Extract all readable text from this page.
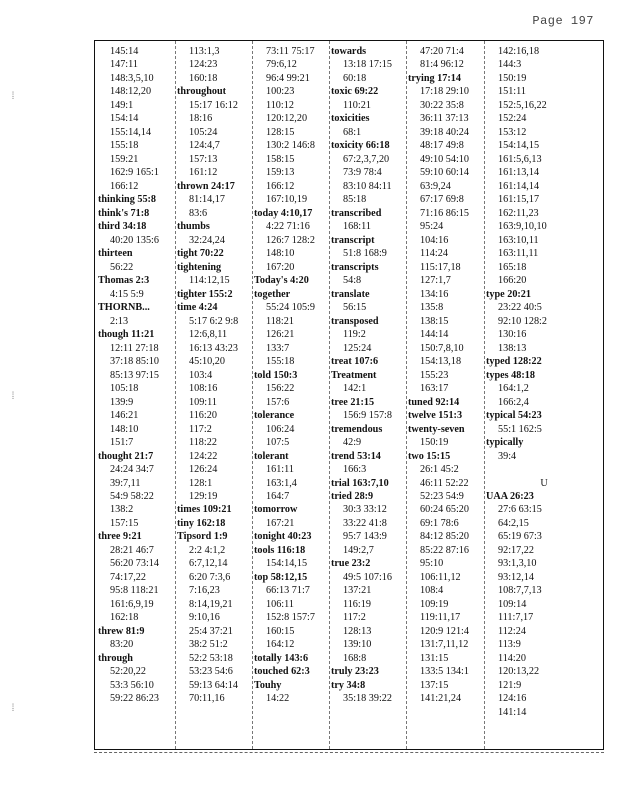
Page 197
⁞
⁞
⁞
145:14
147:11
148:3,5,10
148:12,20
149:1
154:14
155:14,14
155:18
159:21
162:9 165:1
166:12
thinking 55:8
think's 71:8
third 34:18
40:20 135:6
thirteen
56:22
Thomas 2:3
4:15 5:9
THORNB...
2:13
though 11:21
12:11 27:18
37:18 85:10
85:13 97:15
105:18
139:9
146:21
148:10
151:7
thought 21:7
24:24 34:7
39:7,11
54:9 58:22
138:2
157:15
three 9:21
28:21 46:7
56:20 73:14
74:17,22
95:8 118:21
161:6,9,19
162:18
threw 81:9
83:20
through
52:20,22
53:3 56:10
59:22 86:23
113:1,3
124:23
160:18
throughout
15:17 16:12
18:16
105:24
124:4,7
157:13
161:12
thrown 24:17
81:14,17
83:6
thumbs
32:24,24
tight 70:22
tightening
114:12,15
tighter 155:2
time 4:24
5:17 6:2 9:8
12:6,8,11
16:13 43:23
45:10,20
103:4
108:16
109:11
116:20
117:2
118:22
124:22
126:24
128:1
129:19
times 109:21
tiny 162:18
Tipsord 1:9
2:2 4:1,2
6:7,12,14
6:20 7:3,6
7:16,23
8:14,19,21
9:10,16
25:4 37:21
38:2 51:2
52:2 53:18
53:23 54:6
59:13 64:14
70:11,16
73:11 75:17
79:6,12
96:4 99:21
100:23
110:12
120:12,20
128:15
130:2 146:8
158:15
159:13
166:12
167:10,19
today 4:10,17
4:22 71:16
126:7 128:2
148:10
167:20
Today's 4:20
together
55:24 105:9
118:21
126:21
133:7
155:18
told 150:3
156:22
157:6
tolerance
106:24
107:5
tolerant
161:11
163:1,4
164:7
tomorrow
167:21
tonight 40:23
tools 116:18
154:14,15
top 58:12,15
66:13 71:7
106:11
152:8 157:7
160:15
164:12
totally 143:6
touched 62:3
Touhy
14:22
towards
13:18 17:15
60:18
toxic 69:22
110:21
toxicities
68:1
toxicity 66:18
67:2,3,7,20
73:9 78:4
83:10 84:11
85:18
transcribed
168:11
transcript
51:8 168:9
transcripts
54:8
translate
56:15
transposed
119:2
125:24
treat 107:6
Treatment
142:1
tree 21:15
156:9 157:8
tremendous
42:9
trend 53:14
166:3
trial 163:7,10
tried 28:9
30:3 33:12
33:22 41:8
95:7 143:9
149:2,7
true 23:2
49:5 107:16
137:21
116:19
117:2
128:13
139:10
168:8
truly 23:23
try 34:8
35:18 39:22
47:20 71:4
81:4 96:12
trying 17:14
17:18 29:10
30:22 35:8
36:11 37:13
39:18 40:24
48:17 49:8
49:10 54:10
59:10 60:14
63:9,24
67:17 69:8
71:16 86:15
95:24
104:16
114:24
115:17,18
127:1,7
134:16
135:8
138:15
144:14
150:7,8,10
154:13,18
155:23
163:17
tuned 92:14
twelve 151:3
twenty-seven
150:19
two 15:15
26:1 45:2
46:11 52:22
52:23 54:9
60:24 65:20
69:1 78:6
84:12 85:20
85:22 87:16
95:10
106:11,12
108:4
109:19
119:11,17
120:9 121:4
131:7,11,12
131:15
133:5 134:1
137:15
141:21,24
142:16,18
144:3
150:19
151:11
152:5,16,22
152:24
153:12
154:14,15
161:5,6,13
161:13,14
161:14,14
161:15,17
162:11,23
163:9,10,10
163:10,11
163:11,11
165:18
166:20
type 20:21
23:22 40:5
92:10 128:2
130:16
138:13
typed 128:22
types 48:18
164:1,2
166:2,4
typical 54:23
55:1 162:5
typically
39:4

U
UAA 26:23
27:6 63:15
64:2,15
65:19 67:3
92:17,22
93:1,3,10
93:12,14
108:7,7,13
109:14
111:7,17
112:24
113:9
114:20
120:13,22
121:9
124:16
141:14
